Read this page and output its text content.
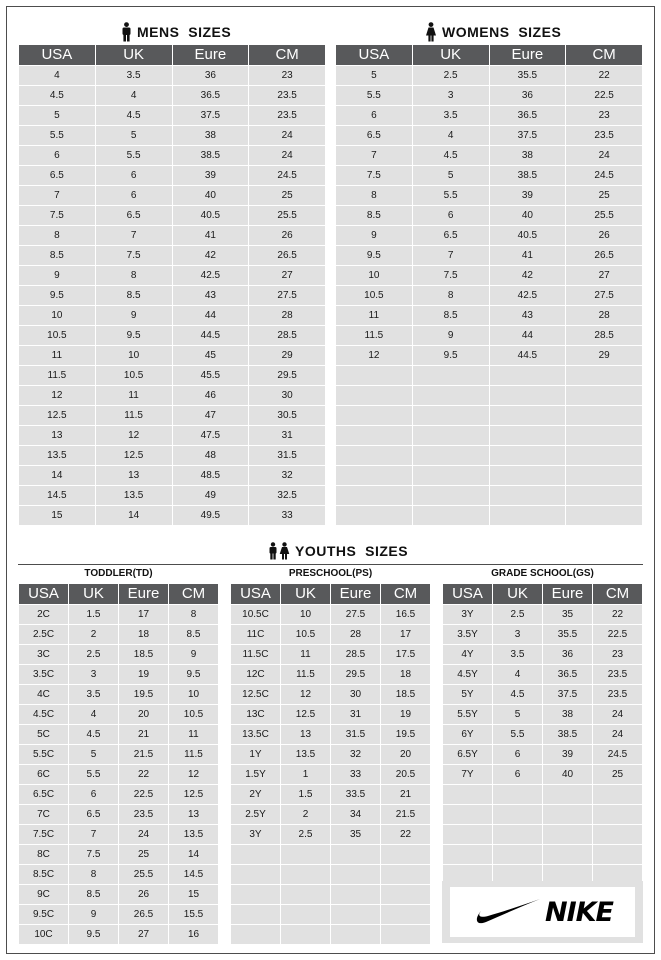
MENS  SIZES
USA	UK	Eure	CM
4	3.5	36	23
4.5	4	36.5	23.5
5	4.5	37.5	23.5
5.5	5	38	24
6	5.5	38.5	24
6.5	6	39	24.5
7	6	40	25
7.5	6.5	40.5	25.5
8	7	41	26
8.5	7.5	42	26.5
9	8	42.5	27
9.5	8.5	43	27.5
10	9	44	28
10.5	9.5	44.5	28.5
11	10	45	29
11.5	10.5	45.5	29.5
12	11	46	30
12.5	11.5	47	30.5
13	12	47.5	31
13.5	12.5	48	31.5
14	13	48.5	32
14.5	13.5	49	32.5
15	14	49.5	33
WOMENS  SIZES
USA	UK	Eure	CM
5	2.5	35.5	22
5.5	3	36	22.5
6	3.5	36.5	23
6.5	4	37.5	23.5
7	4.5	38	24
7.5	5	38.5	24.5
8	5.5	39	25
8.5	6	40	25.5
9	6.5	40.5	26
9.5	7	41	26.5
10	7.5	42	27
10.5	8	42.5	27.5
11	8.5	43	28
11.5	9	44	28.5
12	9.5	44.5	29

YOUTHS  SIZES
TODDLER(TD)
USA	UK	Eure	CM
2C	1.5	17	8
2.5C	2	18	8.5
3C	2.5	18.5	9
3.5C	3	19	9.5
4C	3.5	19.5	10
4.5C	4	20	10.5
5C	4.5	21	11
5.5C	5	21.5	11.5
6C	5.5	22	12
6.5C	6	22.5	12.5
7C	6.5	23.5	13
7.5C	7	24	13.5
8C	7.5	25	14
8.5C	8	25.5	14.5
9C	8.5	26	15
9.5C	9	26.5	15.5
10C	9.5	27	16
PRESCHOOL(PS)
USA	UK	Eure	CM
10.5C	10	27.5	16.5
11C	10.5	28	17
11.5C	11	28.5	17.5
12C	11.5	29.5	18
12.5C	12	30	18.5
13C	12.5	31	19
13.5C	13	31.5	19.5
1Y	13.5	32	20
1.5Y	1	33	20.5
2Y	1.5	33.5	21
2.5Y	2	34	21.5
3Y	2.5	35	22

GRADE SCHOOL(GS)
USA	UK	Eure	CM
3Y	2.5	35	22
3.5Y	3	35.5	22.5
4Y	3.5	36	23
4.5Y	4	36.5	23.5
5Y	4.5	37.5	23.5
5.5Y	5	38	24
6Y	5.5	38.5	24
6.5Y	6	39	24.5
7Y	6	40	25

NIKE
